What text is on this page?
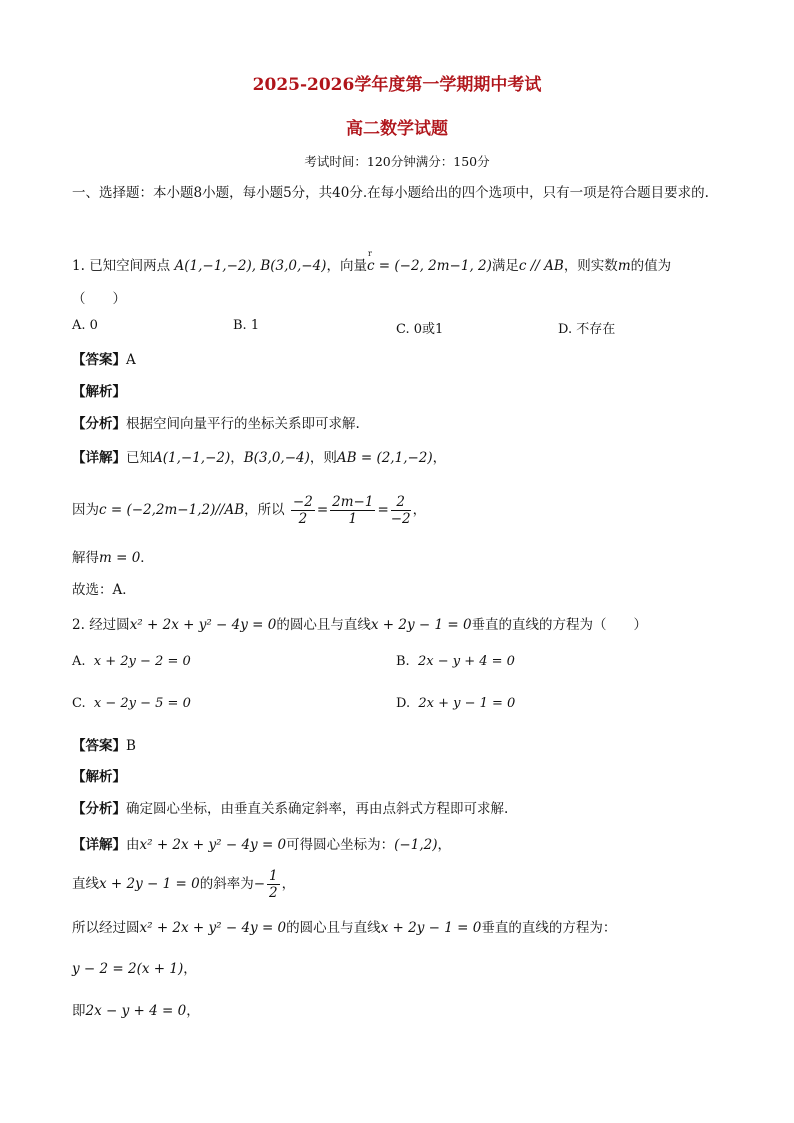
2025-2026学年度第一学期期中考试
高二数学试题
考试时间：120分钟满分：150分
一、选择题：本小题8小题，每小题5分，共40分.在每小题给出的四个选项中，只有一项是符合题目要求的.
1. 已知空间两点 A(1,−1,−2), B(3,0,−4)，向量
r
c = (−2, 2m−1, 2)满足c // AB，则实数m的值为
（　　）
A. 0	B. 1	C. 0或1	D. 不存在
【答案】A
【解析】
【分析】根据空间向量平行的坐标关系即可求解.
【详解】已知A(1,−1,−2)，B(3,0,−4)，则AB = (2,1,−2)，
因为c = (−2,2m−1,2)//AB，所以 $\frac{-2}{2} = \frac{2m-1}{1} = \frac{2}{-2}$ ，
解得m = 0．
故选：A．
2. 经过圆x² + 2x + y² − 4y = 0的圆心且与直线x + 2y − 1 = 0垂直的直线的方程为（　　）
A. x + 2y − 2 = 0	B. 2x − y + 4 = 0
C. x − 2y − 5 = 0	D. 2x + y − 1 = 0
【答案】B
【解析】
【分析】确定圆心坐标，由垂直关系确定斜率，再由点斜式方程即可求解.
【详解】由x² + 2x + y² − 4y = 0可得圆心坐标为：(−1,2)，
直线x + 2y − 1 = 0的斜率为− $\frac{1}{2}$ ，
所以经过圆x² + 2x + y² − 4y = 0的圆心且与直线x + 2y − 1 = 0垂直的直线的方程为：
y − 2 = 2(x + 1)，
即2x − y + 4 = 0，
